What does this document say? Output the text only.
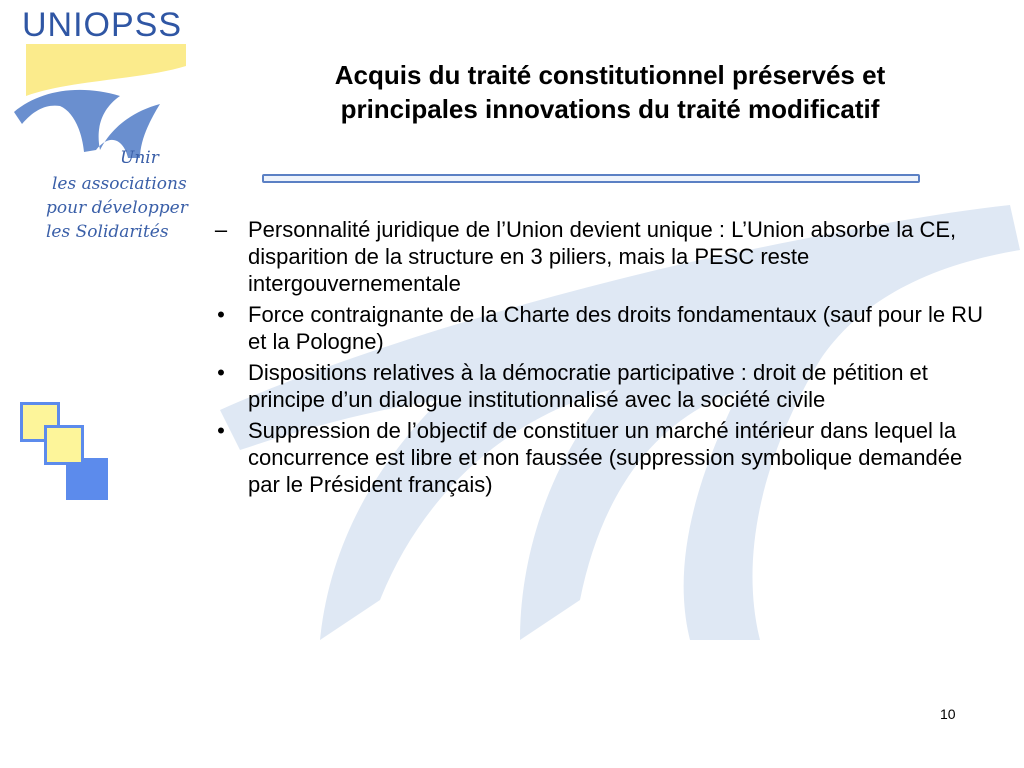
UNIOPSS
Unir
les associations
pour développer
les Solidarités
Acquis du traité constitutionnel préservés et
principales innovations du traité modificatif
– Personnalité juridique de l’Union devient unique : L’Union absorbe la CE, disparition de la structure en 3 piliers, mais la PESC reste intergouvernementale
•	Force contraignante de la Charte des droits fondamentaux (sauf pour le RU et la Pologne)
•	Dispositions relatives à la démocratie participative : droit de pétition et principe d’un dialogue institutionnalisé avec la société civile
•	Suppression de l’objectif de constituer un marché intérieur dans lequel la concurrence est libre et non faussée (suppression symbolique demandée par le Président français)
10
